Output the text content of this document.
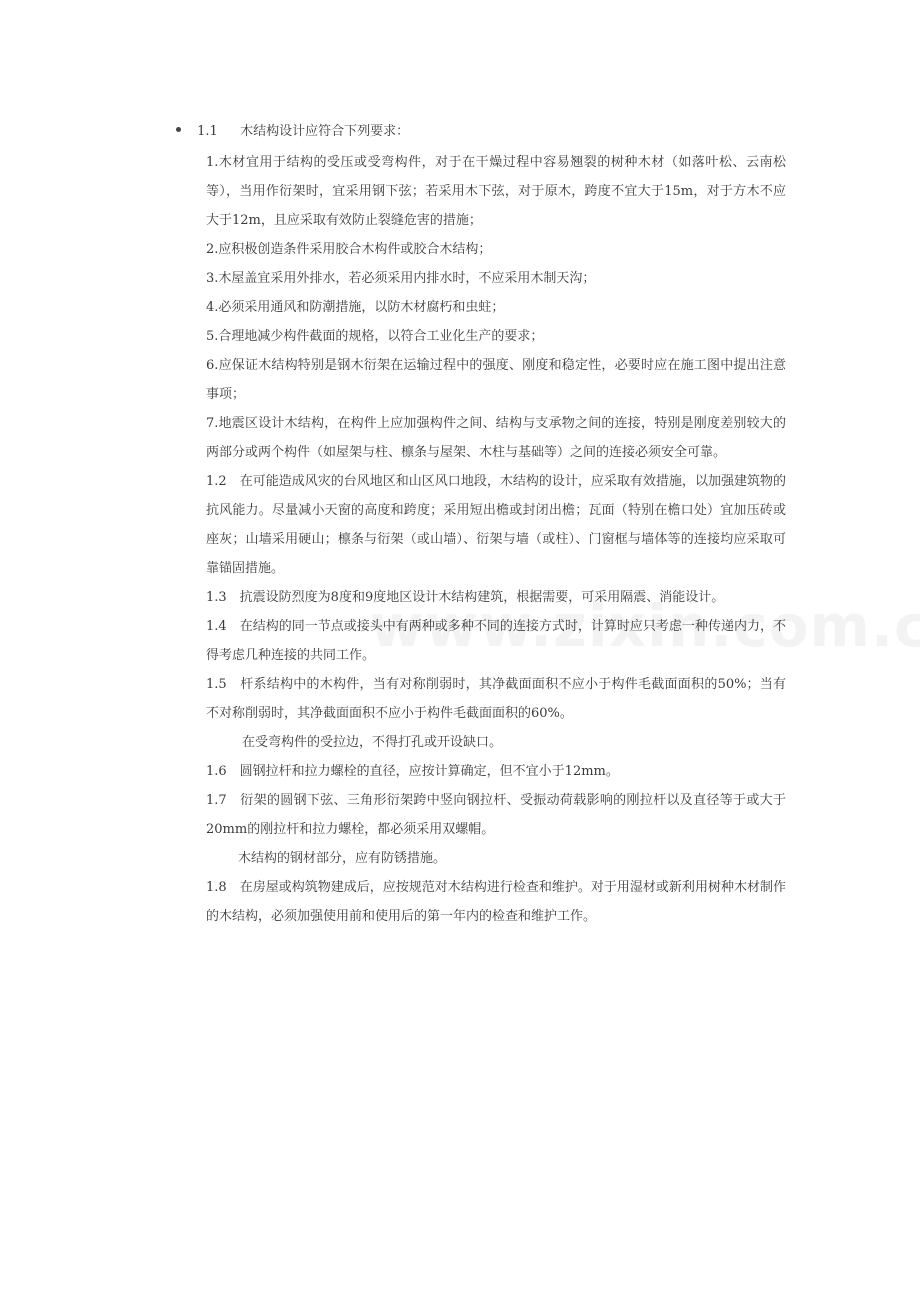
1.1 木结构设计应符合下列要求：

1.木材宜用于结构的受压或受弯构件，对于在干燥过程中容易翘裂的树种木材（如落叶松、云南松等），当用作衍架时，宜采用钢下弦；若采用木下弦，对于原木，跨度不宜大于15m，对于方木不应大于12m，且应采取有效防止裂缝危害的措施；

2.应积极创造条件采用胶合木构件或胶合木结构；

3.木屋盖宜采用外排水，若必须采用内排水时，不应采用木制天沟；

4.必须采用通风和防潮措施，以防木材腐朽和虫蛀；

5.合理地减少构件截面的规格，以符合工业化生产的要求；

6.应保证木结构特别是钢木衍架在运输过程中的强度、刚度和稳定性，必要时应在施工图中提出注意事项；

7.地震区设计木结构，在构件上应加强构件之间、结构与支承物之间的连接，特别是刚度差别较大的两部分或两个构件（如屋架与柱、檩条与屋架、木柱与基础等）之间的连接必须安全可靠。

1.2　在可能造成风灾的台风地区和山区风口地段，木结构的设计，应采取有效措施，以加强建筑物的抗风能力。尽量减小天窗的高度和跨度；采用短出檐或封闭出檐；瓦面（特别在檐口处）宜加压砖或座灰；山墙采用硬山；檩条与衍架（或山墙）、衍架与墙（或柱）、门窗框与墙体等的连接均应采取可靠锚固措施。

1.3　抗震设防烈度为8度和9度地区设计木结构建筑，根据需要，可采用隔震、消能设计。

1.4　在结构的同一节点或接头中有两种或多种不同的连接方式时，计算时应只考虑一种传递内力，不得考虑几种连接的共同工作。

1.5　杆系结构中的木构件，当有对称削弱时，其净截面面积不应小于构件毛截面面积的50%；当有不对称削弱时，其净截面面积不应小于构件毛截面面积的60%。

在受弯构件的受拉边，不得打孔或开设缺口。

1.6　圆钢拉杆和拉力螺栓的直径，应按计算确定，但不宜小于12mm。

1.7　衍架的圆钢下弦、三角形衍架跨中竖向钢拉杆、受振动荷载影响的刚拉杆以及直径等于或大于20mm的刚拉杆和拉力螺栓，都必须采用双螺帽。

木结构的钢材部分，应有防锈措施。

1.8　在房屋或构筑物建成后，应按规范对木结构进行检查和维护。对于用湿材或新利用树种木材制作的木结构，必须加强使用前和使用后的第一年内的检查和维护工作。
